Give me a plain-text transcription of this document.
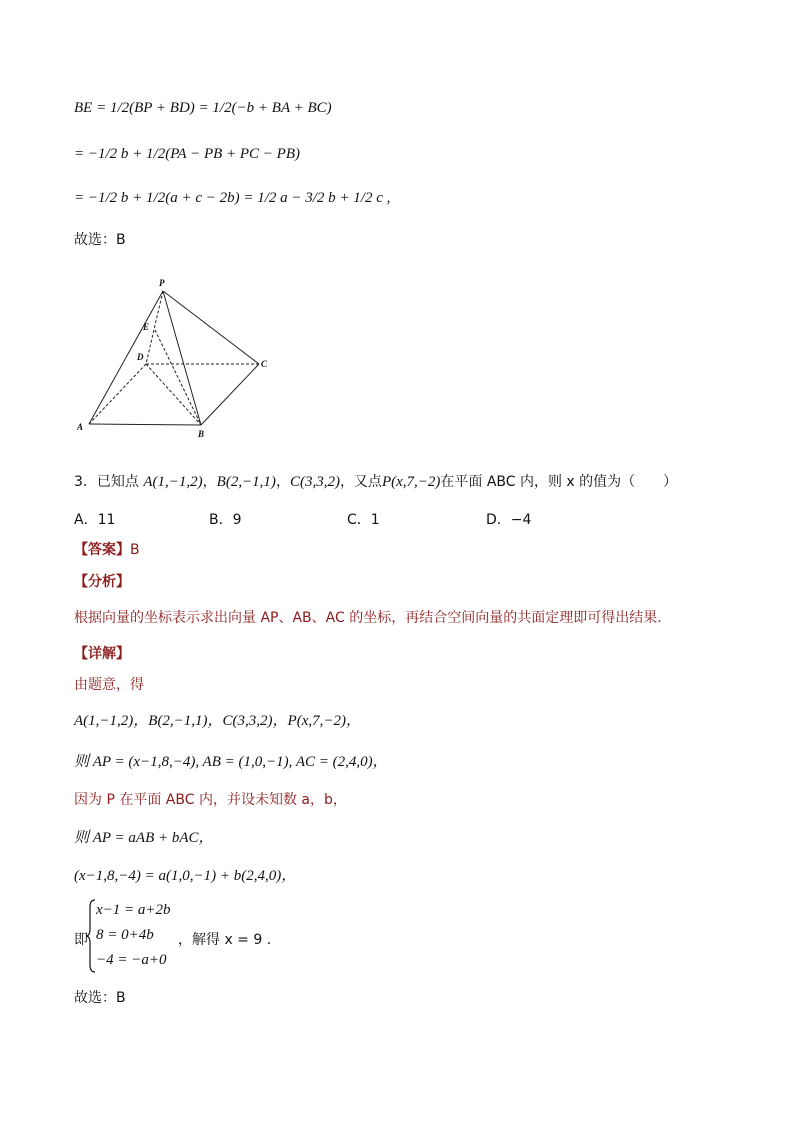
BE = 1/2(BP + BD) = 1/2(−b + BA + BC)
= −1/2 b + 1/2(PA − PB + PC − PB)
= −1/2 b + 1/2(a + c − 2b) = 1/2 a − 3/2 b + 1/2 c ,
故选：B
P
E
D
C
A
B
3．已知点 A(1,−1,2)，B(2,−1,1)，C(3,3,2)，又点P(x,7,−2)在平面 ABC 内，则 x 的值为（　　）
A．11	B．9	C．1	D．−4
【答案】B
【分析】
根据向量的坐标表示求出向量 AP、AB、AC 的坐标，再结合空间向量的共面定理即可得出结果.
【详解】
由题意，得
A(1,−1,2)，B(2,−1,1)，C(3,3,2)，P(x,7,−2)，
则 AP = (x−1,8,−4), AB = (1,0,−1), AC = (2,4,0)，
因为 P 在平面 ABC 内，并设未知数 a，b，
则 AP = aAB + bAC，
(x−1,8,−4) = a(1,0,−1) + b(2,4,0)，
即
x−1 = a+2b
8 = 0+4b
−4 = −a+0
，解得 x = 9 .
故选：B
